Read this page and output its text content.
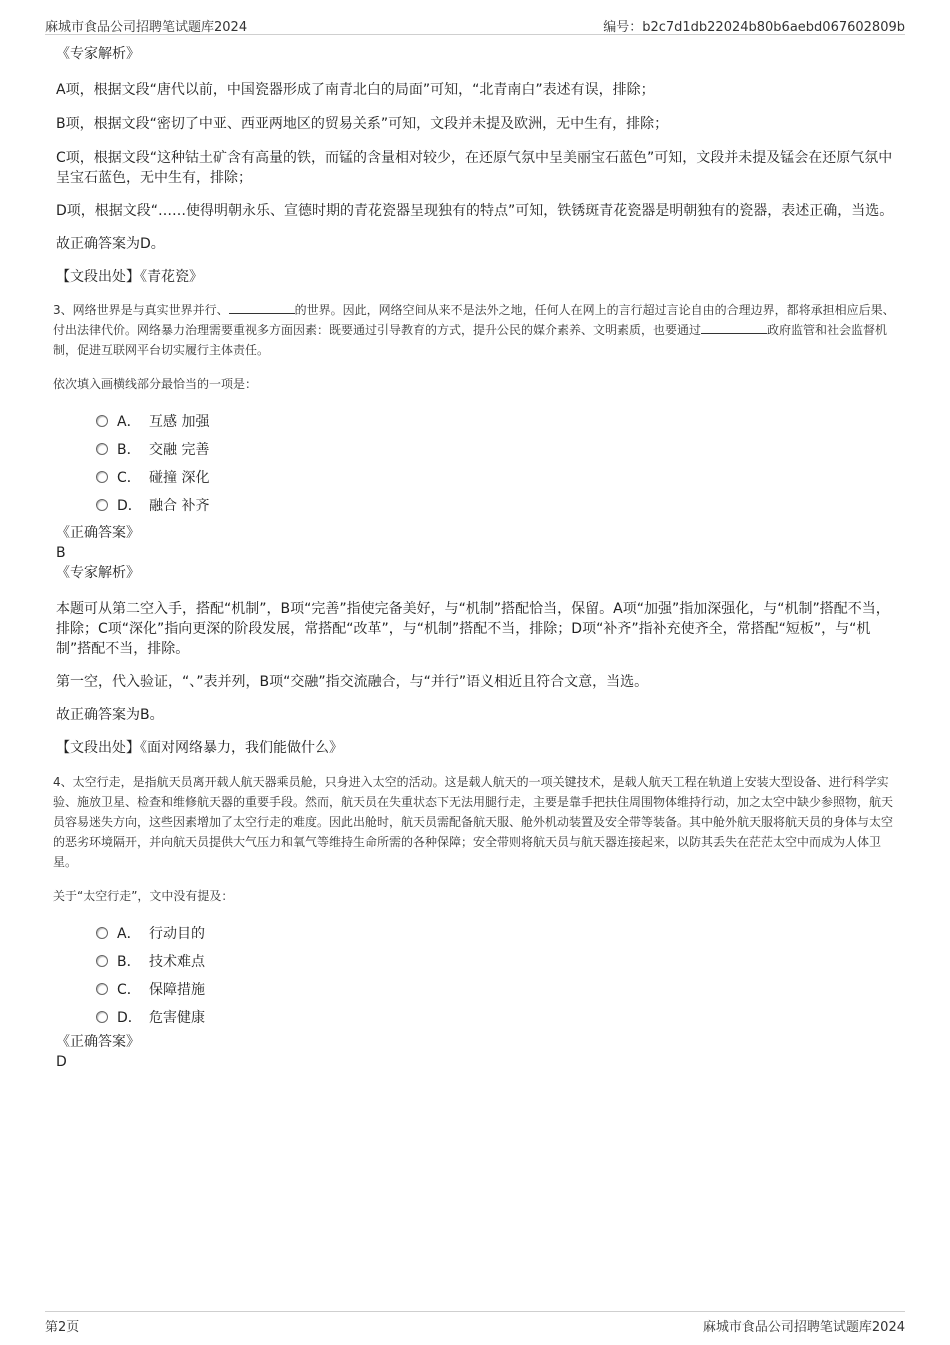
麻城市食品公司招聘笔试题库2024	编号：b2c7d1db22024b80b6aebd067602809b

《专家解析》

A项，根据文段“唐代以前，中国瓷器形成了南青北白的局面”可知，“北青南白”表述有误，排除；

B项，根据文段“密切了中亚、西亚两地区的贸易关系”可知，文段并未提及欧洲，无中生有，排除；

C项，根据文段“这种钴土矿含有高量的铁，而锰的含量相对较少，在还原气氛中呈美丽宝石蓝色”可知，文段并未提及锰会在还原气氛中呈宝石蓝色，无中生有，排除；

D项，根据文段“……使得明朝永乐、宣德时期的青花瓷器呈现独有的特点”可知，铁锈斑青花瓷器是明朝独有的瓷器，表述正确，当选。

故正确答案为D。

【文段出处】《青花瓷》

3、网络世界是与真实世界并行、	的世界。因此，网络空间从来不是法外之地，任何人在网上的言行超过言论自由的合理边界，都将承担相应后果、付出法律代价。网络暴力治理需要重视多方面因素：既要通过引导教育的方式，提升公民的媒介素养、文明素质，也要通过	政府监管和社会监督机制，促进互联网平台切实履行主体责任。

依次填入画横线部分最恰当的一项是：

A． 互感 加强
B． 交融 完善
C． 碰撞 深化
D． 融合 补齐

《正确答案》

B

《专家解析》

本题可从第二空入手，搭配“机制”，B项“完善”指使完备美好，与“机制”搭配恰当，保留。A项“加强”指加深强化，与“机制”搭配不当，排除；C项“深化”指向更深的阶段发展，常搭配“改革”，与“机制”搭配不当，排除；D项“补齐”指补充使齐全，常搭配“短板”，与“机制”搭配不当，排除。

第一空，代入验证，“、”表并列，B项“交融”指交流融合，与“并行”语义相近且符合文意，当选。

故正确答案为B。

【文段出处】《面对网络暴力，我们能做什么》

4、太空行走，是指航天员离开载人航天器乘员舱，只身进入太空的活动。这是载人航天的一项关键技术，是载人航天工程在轨道上安装大型设备、进行科学实验、施放卫星、检查和维修航天器的重要手段。然而，航天员在失重状态下无法用腿行走，主要是靠手把扶住周围物体维持行动，加之太空中缺少参照物，航天员容易迷失方向，这些因素增加了太空行走的难度。因此出舱时，航天员需配备航天服、舱外机动装置及安全带等装备。其中舱外航天服将航天员的身体与太空的恶劣环境隔开，并向航天员提供大气压力和氧气等维持生命所需的各种保障；安全带则将航天员与航天器连接起来，以防其丢失在茫茫太空中而成为人体卫星。

关于“太空行走”，文中没有提及：

A． 行动目的
B． 技术难点
C． 保障措施
D． 危害健康

《正确答案》

D

第2页	麻城市食品公司招聘笔试题库2024
